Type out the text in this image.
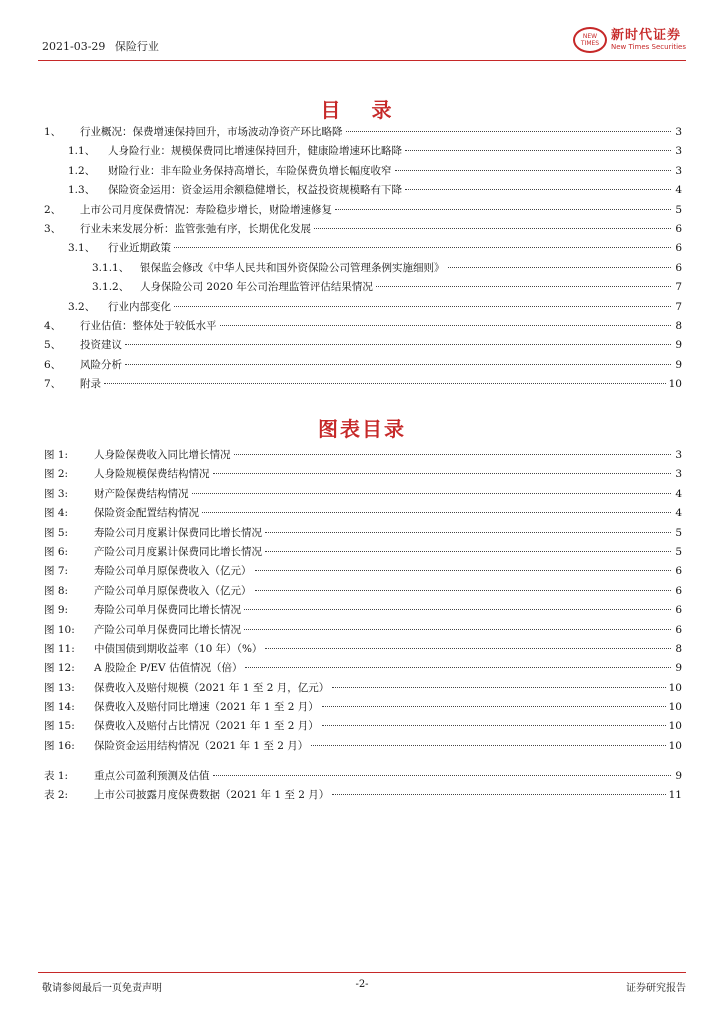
2021-03-29 保险行业
NEW
TIMES
新时代证券
New Times Securities
目 录
1、	行业概况：保费增速保持回升，市场波动净资产环比略降	3
1.1、	人身险行业：规模保费同比增速保持回升，健康险增速环比略降	3
1.2、	财险行业：非车险业务保持高增长，车险保费负增长幅度收窄	3
1.3、	保险资金运用：资金运用余额稳健增长，权益投资规模略有下降	4
2、	上市公司月度保费情况：寿险稳步增长，财险增速修复	5
3、	行业未来发展分析：监管张弛有序，长期优化发展	6
3.1、	行业近期政策	6
3.1.1、	银保监会修改《中华人民共和国外资保险公司管理条例实施细则》	6
3.1.2、	人身保险公司 2020 年公司治理监管评估结果情况	7
3.2、	行业内部变化	7
4、	行业估值：整体处于较低水平	8
5、	投资建议	9
6、	风险分析	9
7、	附录	10
图表目录
图 1:	人身险保费收入同比增长情况	3
图 2:	人身险规模保费结构情况	3
图 3:	财产险保费结构情况	4
图 4:	保险资金配置结构情况	4
图 5:	寿险公司月度累计保费同比增长情况	5
图 6:	产险公司月度累计保费同比增长情况	5
图 7:	寿险公司单月原保费收入（亿元）	6
图 8:	产险公司单月原保费收入（亿元）	6
图 9:	寿险公司单月保费同比增长情况	6
图 10:	产险公司单月保费同比增长情况	6
图 11:	中债国债到期收益率（10 年）（%）	8
图 12:	A 股险企 P/EV 估值情况（倍）	9
图 13:	保费收入及赔付规模（2021 年 1 至 2 月，亿元）	10
图 14:	保费收入及赔付同比增速（2021 年 1 至 2 月）	10
图 15:	保费收入及赔付占比情况（2021 年 1 至 2 月）	10
图 16:	保险资金运用结构情况（2021 年 1 至 2 月）	10
表 1:	重点公司盈利预测及估值	9
表 2:	上市公司披露月度保费数据（2021 年 1 至 2 月）	11
敬请参阅最后一页免责声明	-2-	证券研究报告
